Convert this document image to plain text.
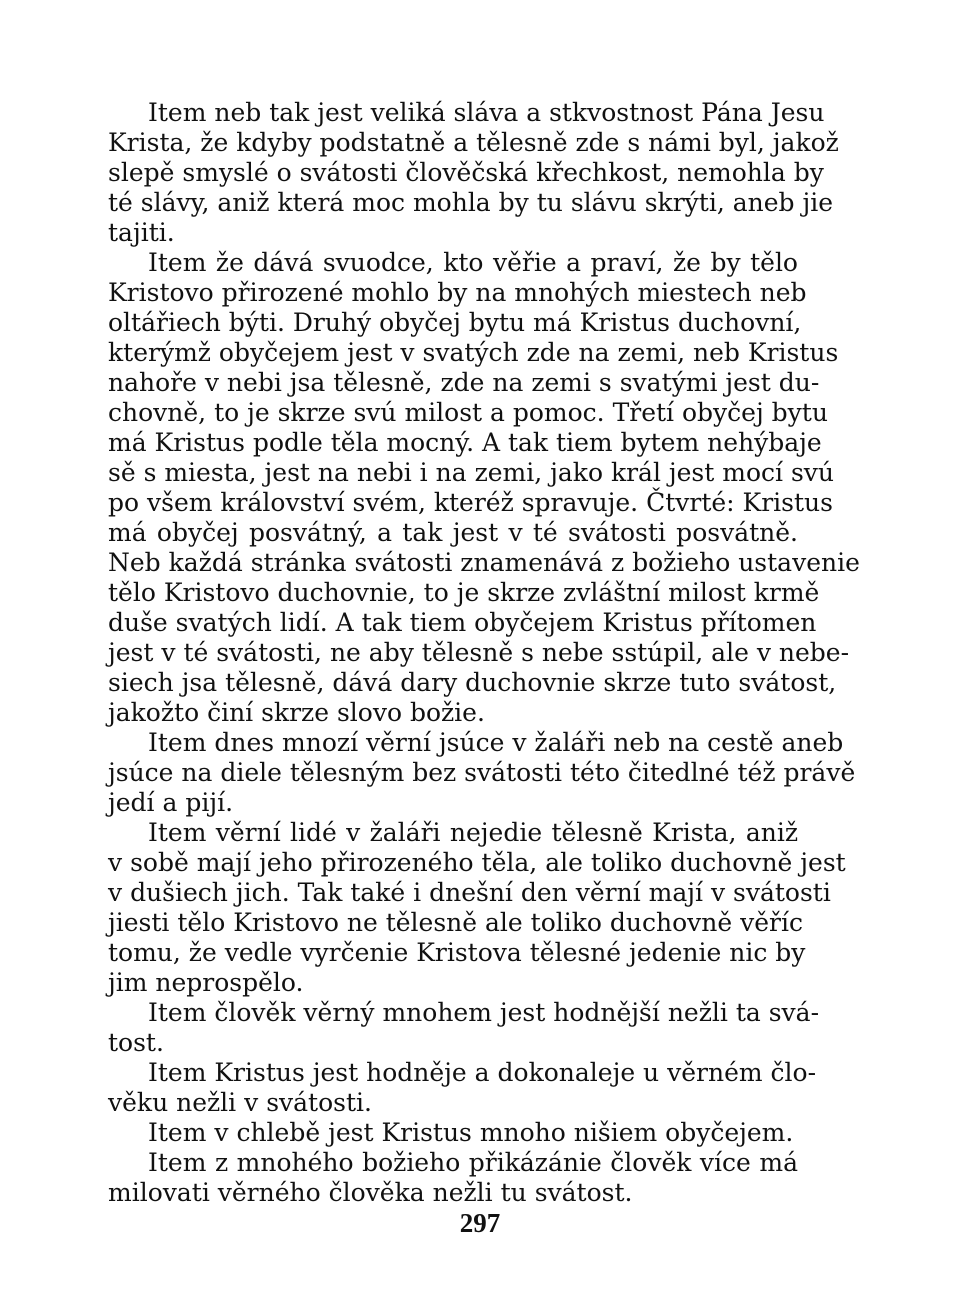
Item neb tak jest veliká sláva a stkvostnost Pána Jesu
Krista, že kdyby podstatně a tělesně zde s námi byl, jakož
slepě smyslé o svátosti člověčská křechkost, nemohla by
té slávy, aniž která moc mohla by tu slávu skrýti, aneb jie
tajiti.
Item že dává svuodce, kto věřie a praví, že by tělo
Kristovo přirozené mohlo by na mnohých miestech neb
oltářiech býti. Druhý obyčej bytu má Kristus duchovní,
kterýmž obyčejem jest v svatých zde na zemi, neb Kristus
nahoře v nebi jsa tělesně, zde na zemi s svatými jest du-
chovně, to je skrze svú milost a pomoc. Třetí obyčej bytu
má Kristus podle těla mocný. A tak tiem bytem nehýbaje
sě s miesta, jest na nebi i na zemi, jako král jest mocí svú
po všem království svém, kteréž spravuje. Čtvrté: Kristus
má obyčej posvátný, a tak jest v té svátosti posvátně.
Neb každá stránka svátosti znamenává z božieho ustavenie
tělo Kristovo duchovnie, to je skrze zvláštní milost krmě
duše svatých lidí. A tak tiem obyčejem Kristus přítomen
jest v té svátosti, ne aby tělesně s nebe sstúpil, ale v nebe-
siech jsa tělesně, dává dary duchovnie skrze tuto svátost,
jakožto činí skrze slovo božie.
Item dnes mnozí věrní jsúce v žaláři neb na cestě aneb
jsúce na diele tělesným bez svátosti této čitedlné též právě
jedí a pijí.
Item věrní lidé v žaláři nejedie tělesně Krista, aniž
v sobě mají jeho přirozeného těla, ale toliko duchovně jest
v dušiech jich. Tak také i dnešní den věrní mají v svátosti
jiesti tělo Kristovo ne tělesně ale toliko duchovně věříc
tomu, že vedle vyrčenie Kristova tělesné jedenie nic by
jim neprospělo.
Item člověk věrný mnohem jest hodnější nežli ta svá-
tost.
Item Kristus jest hodněje a dokonaleje u věrném člo-
věku nežli v svátosti.
Item v chlebě jest Kristus mnoho nišiem obyčejem.
Item z mnohého božieho přikázánie člověk více má
milovati věrného člověka nežli tu svátost.
297
